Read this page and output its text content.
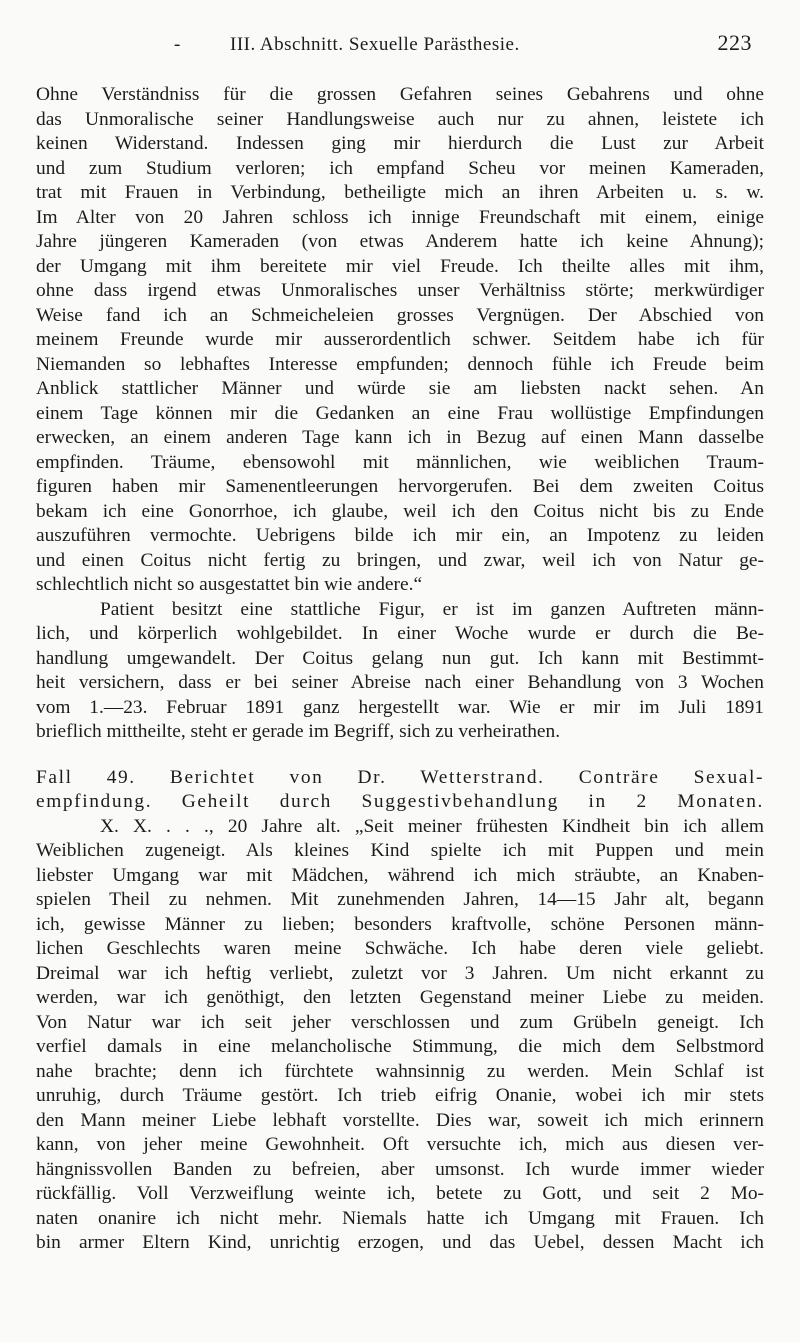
-	III. Abschnitt. Sexuelle Parästhesie.	223
Ohne Verständniss für die grossen Gefahren seines Gebahrens und ohne
das Unmoralische seiner Handlungsweise auch nur zu ahnen, leistete ich
keinen Widerstand. Indessen ging mir hierdurch die Lust zur Arbeit
und zum Studium verloren; ich empfand Scheu vor meinen Kameraden,
trat mit Frauen in Verbindung, betheiligte mich an ihren Arbeiten u. s. w.
Im Alter von 20 Jahren schloss ich innige Freundschaft mit einem, einige
Jahre jüngeren Kameraden (von etwas Anderem hatte ich keine Ahnung);
der Umgang mit ihm bereitete mir viel Freude. Ich theilte alles mit ihm,
ohne dass irgend etwas Unmoralisches unser Verhältniss störte; merkwürdiger
Weise fand ich an Schmeicheleien grosses Vergnügen. Der Abschied von
meinem Freunde wurde mir ausserordentlich schwer. Seitdem habe ich für
Niemanden so lebhaftes Interesse empfunden; dennoch fühle ich Freude beim
Anblick stattlicher Männer und würde sie am liebsten nackt sehen. An
einem Tage können mir die Gedanken an eine Frau wollüstige Empfindungen
erwecken, an einem anderen Tage kann ich in Bezug auf einen Mann dasselbe
empfinden. Träume, ebensowohl mit männlichen, wie weiblichen Traum-
figuren haben mir Samenentleerungen hervorgerufen. Bei dem zweiten Coitus
bekam ich eine Gonorrhoe, ich glaube, weil ich den Coitus nicht bis zu Ende
auszuführen vermochte. Uebrigens bilde ich mir ein, an Impotenz zu leiden
und einen Coitus nicht fertig zu bringen, und zwar, weil ich von Natur ge-
schlechtlich nicht so ausgestattet bin wie andere.“
Patient besitzt eine stattliche Figur, er ist im ganzen Auftreten männ-
lich, und körperlich wohlgebildet. In einer Woche wurde er durch die Be-
handlung umgewandelt. Der Coitus gelang nun gut. Ich kann mit Bestimmt-
heit versichern, dass er bei seiner Abreise nach einer Behandlung von 3 Wochen
vom 1.—23. Februar 1891 ganz hergestellt war. Wie er mir im Juli 1891
brieflich mittheilte, steht er gerade im Begriff, sich zu verheirathen.
Fall 49. Berichtet von Dr. Wetterstrand. Conträre Sexual-
empfindung. Geheilt durch Suggestivbehandlung in 2 Monaten.
X. X. . . ., 20 Jahre alt. „Seit meiner frühesten Kindheit bin ich allem
Weiblichen zugeneigt. Als kleines Kind spielte ich mit Puppen und mein
liebster Umgang war mit Mädchen, während ich mich sträubte, an Knaben-
spielen Theil zu nehmen. Mit zunehmenden Jahren, 14—15 Jahr alt, begann
ich, gewisse Männer zu lieben; besonders kraftvolle, schöne Personen männ-
lichen Geschlechts waren meine Schwäche. Ich habe deren viele geliebt.
Dreimal war ich heftig verliebt, zuletzt vor 3 Jahren. Um nicht erkannt zu
werden, war ich genöthigt, den letzten Gegenstand meiner Liebe zu meiden.
Von Natur war ich seit jeher verschlossen und zum Grübeln geneigt. Ich
verfiel damals in eine melancholische Stimmung, die mich dem Selbstmord
nahe brachte; denn ich fürchtete wahnsinnig zu werden. Mein Schlaf ist
unruhig, durch Träume gestört. Ich trieb eifrig Onanie, wobei ich mir stets
den Mann meiner Liebe lebhaft vorstellte. Dies war, soweit ich mich erinnern
kann, von jeher meine Gewohnheit. Oft versuchte ich, mich aus diesen ver-
hängnissvollen Banden zu befreien, aber umsonst. Ich wurde immer wieder
rückfällig. Voll Verzweiflung weinte ich, betete zu Gott, und seit 2 Mo-
naten onanire ich nicht mehr. Niemals hatte ich Umgang mit Frauen. Ich
bin armer Eltern Kind, unrichtig erzogen, und das Uebel, dessen Macht ich
